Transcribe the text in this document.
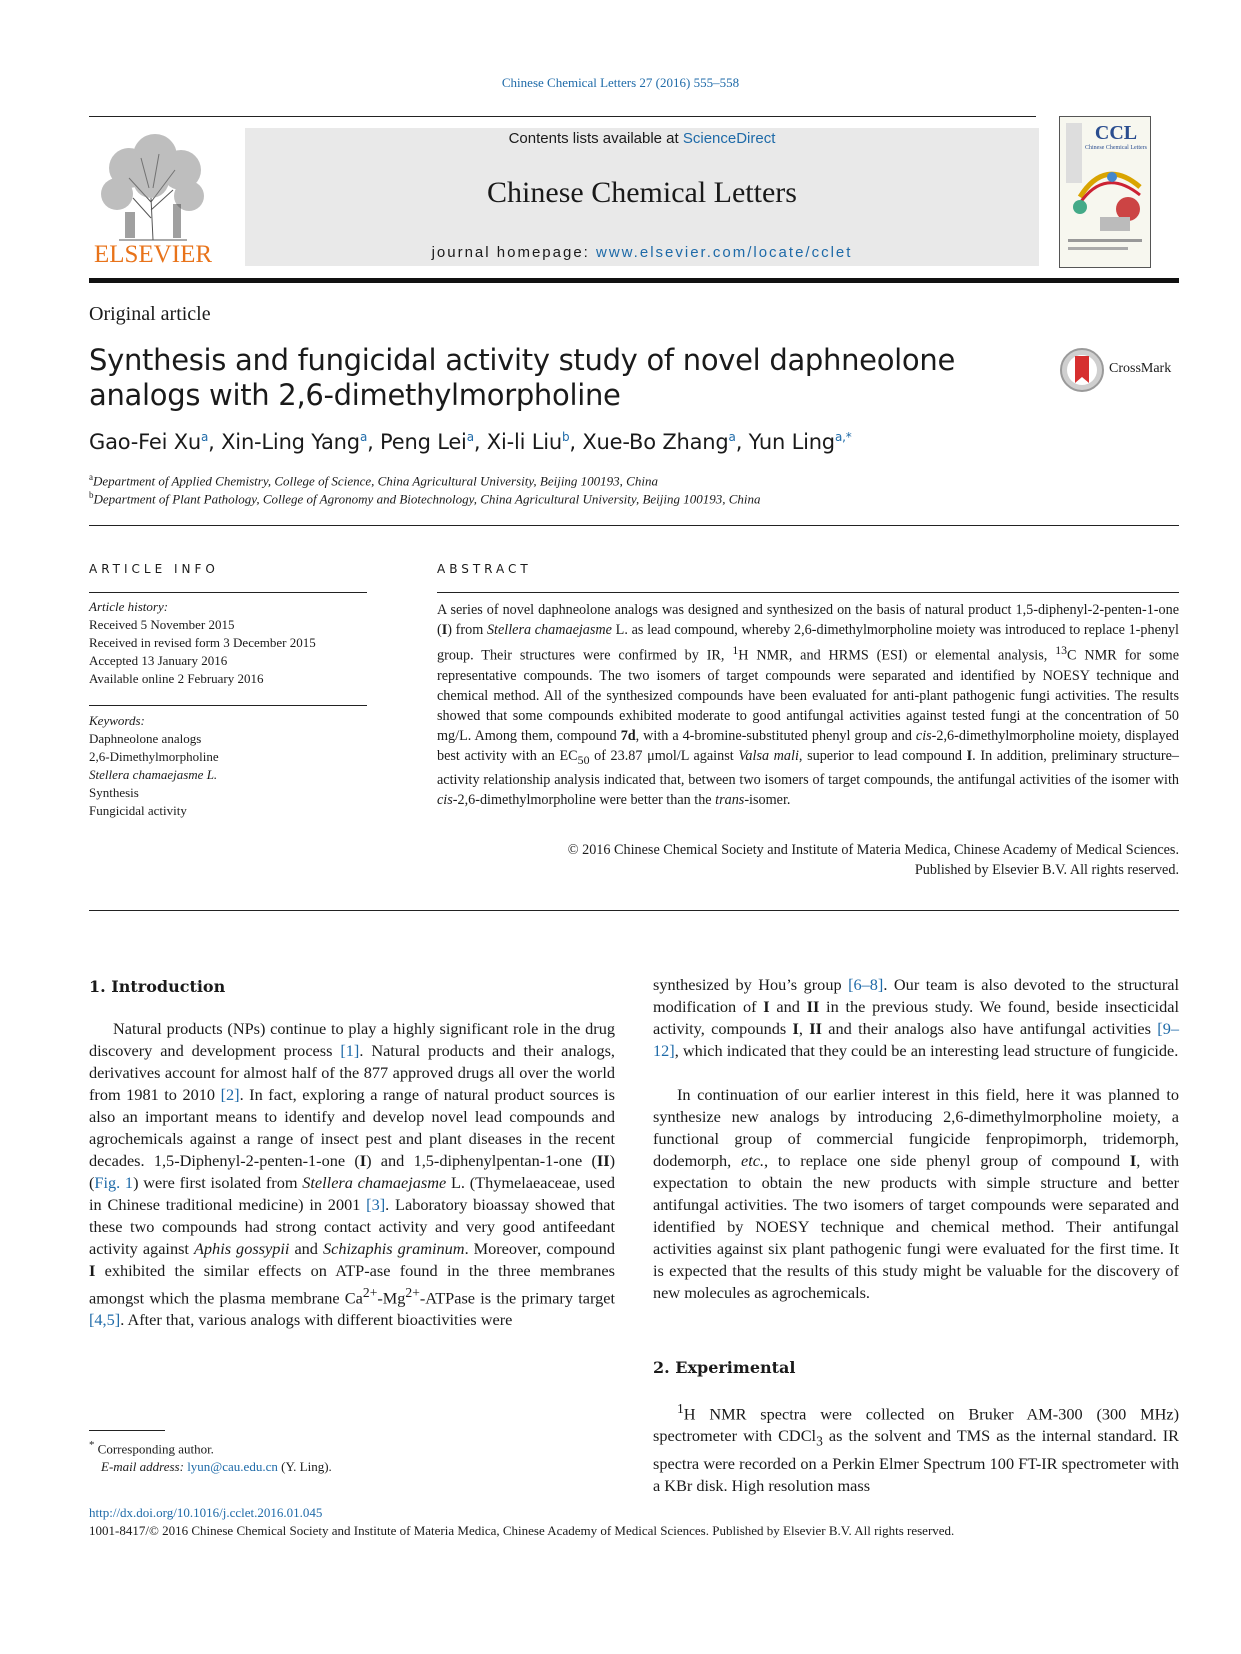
Chinese Chemical Letters 27 (2016) 555–558
ELSEVIER
Contents lists available at ScienceDirect
Chinese Chemical Letters
journal homepage: www.elsevier.com/locate/cclet
CCL
Chinese Chemical Letters
Original article
Synthesis and fungicidal activity study of novel daphneolone analogs with 2,6-dimethylmorpholine
CrossMark
Gao-Fei Xu$^a$, Xin-Ling Yang$^a$, Peng Lei$^a$, Xi-li Liu$^b$, Xue-Bo Zhang$^a$, Yun Ling$^{a,*}$
$^a$Department of Applied Chemistry, College of Science, China Agricultural University, Beijing 100193, China
$^b$Department of Plant Pathology, College of Agronomy and Biotechnology, China Agricultural University, Beijing 100193, China
ARTICLE INFO
Article history:
Received 5 November 2015
Received in revised form 3 December 2015
Accepted 13 January 2016
Available online 2 February 2016
Keywords:
Daphneolone analogs
2,6-Dimethylmorpholine
Stellera chamaejasme L.
Synthesis
Fungicidal activity
ABSTRACT
A series of novel daphneolone analogs was designed and synthesized on the basis of natural product 1,5-diphenyl-2-penten-1-one (I) from Stellera chamaejasme L. as lead compound, whereby 2,6-dimethylmorpholine moiety was introduced to replace 1-phenyl group. Their structures were confirmed by IR, $^1$H NMR, and HRMS (ESI) or elemental analysis, $^{13}$C NMR for some representative compounds. The two isomers of target compounds were separated and identified by NOESY technique and chemical method. All of the synthesized compounds have been evaluated for anti-plant pathogenic fungi activities. The results showed that some compounds exhibited moderate to good antifungal activities against tested fungi at the concentration of 50 mg/L. Among them, compound 7d, with a 4-bromine-substituted phenyl group and cis-2,6-dimethylmorpholine moiety, displayed best activity with an $EC_{50}$ of 23.87 μmol/L against Valsa mali, superior to lead compound I. In addition, preliminary structure–activity relationship analysis indicated that, between two isomers of target compounds, the antifungal activities of the isomer with cis-2,6-dimethylmorpholine were better than the trans-isomer.
© 2016 Chinese Chemical Society and Institute of Materia Medica, Chinese Academy of Medical Sciences.
Published by Elsevier B.V. All rights reserved.
1. Introduction

Natural products (NPs) continue to play a highly significant role in the drug discovery and development process [1]. Natural products and their analogs, derivatives account for almost half of the 877 approved drugs all over the world from 1981 to 2010 [2]. In fact, exploring a range of natural product sources is also an important means to identify and develop novel lead compounds and agrochemicals against a range of insect pest and plant diseases in the recent decades. 1,5-Diphenyl-2-penten-1-one (I) and 1,5-diphenylpentan-1-one (II) (Fig. 1) were first isolated from Stellera chamaejasme L. (Thymelaeaceae, used in Chinese traditional medicine) in 2001 [3]. Laboratory bioassay showed that these two compounds had strong contact activity and very good antifeedant activity against Aphis gossypii and Schizaphis graminum. Moreover, compound I exhibited the similar effects on ATP-ase found in the three membranes amongst which the plasma membrane $Ca^{2+}-Mg^{2+}$-ATPase is the primary target [4,5]. After that, various analogs with different bioactivities were

synthesized by Hou’s group [6–8]. Our team is also devoted to the structural modification of I and II in the previous study. We found, beside insecticidal activity, compounds I, II and their analogs also have antifungal activities [9–12], which indicated that they could be an interesting lead structure of fungicide.

In continuation of our earlier interest in this field, here it was planned to synthesize new analogs by introducing 2,6-dimethylmorpholine moiety, a functional group of commercial fungicide fenpropimorph, tridemorph, dodemorph, etc., to replace one side phenyl group of compound I, with expectation to obtain the new products with simple structure and better antifungal activities. The two isomers of target compounds were separated and identified by NOESY technique and chemical method. Their antifungal activities against six plant pathogenic fungi were evaluated for the first time. It is expected that the results of this study might be valuable for the discovery of new molecules as agrochemicals.

2. Experimental

$^1$H NMR spectra were collected on Bruker AM-300 (300 MHz) spectrometer with CDCl$_3$ as the solvent and TMS as the internal standard. IR spectra were recorded on a Perkin Elmer Spectrum 100 FT-IR spectrometer with a KBr disk. High resolution mass

* Corresponding author.
E-mail address: lyun@cau.edu.cn (Y. Ling).
http://dx.doi.org/10.1016/j.cclet.2016.01.045
1001-8417/© 2016 Chinese Chemical Society and Institute of Materia Medica, Chinese Academy of Medical Sciences. Published by Elsevier B.V. All rights reserved.
